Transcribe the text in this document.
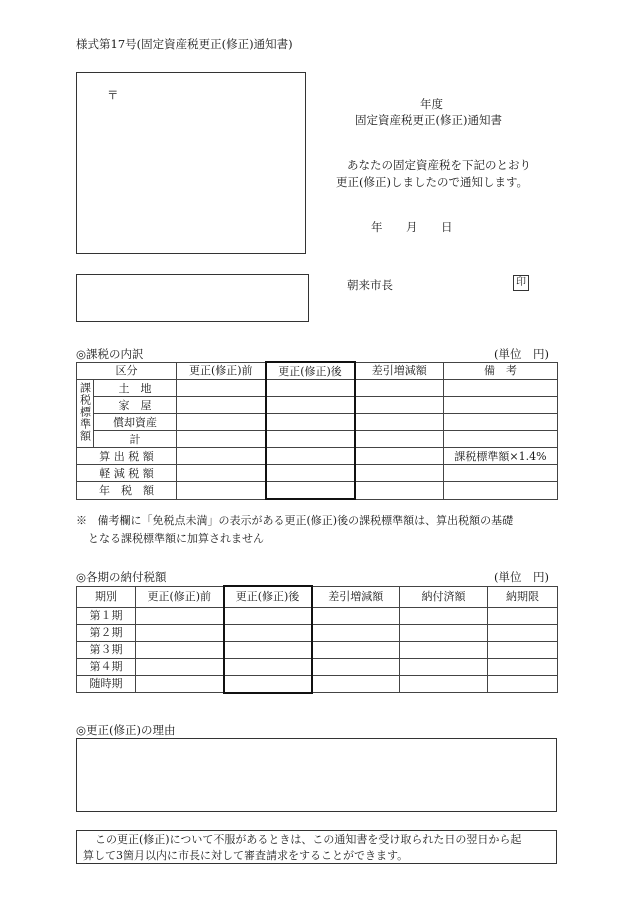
様式第17号(固定資産税更正(修正)通知書)
〒
年度
固定資産税更正(修正)通知書
あなたの固定資産税を下記のとおり
更正(修正)しましたので通知します。
年 月 日
朝来市長	印
◎課税の内訳	(単位　円)
区分		更正(修正)前	更正(修正)後	差引増減額	備　考
課税標準額	土　地				
	家　屋				
	償却資産				
	計				
算 出 税 額					課税標準額×1.4%
軽 減 税 額					
年　税　額					
※ 備考欄に「免税点未満」の表示がある更正(修正)後の課税標準額は、算出税額の基礎
となる課税標準額に加算されません
◎各期の納付税額	(単位　円)
期別	更正(修正)前	更正(修正)後	差引増減額	納付済額	納期限
第１期					
第２期					
第３期					
第４期					
随時期					
◎更正(修正)の理由
この更正(修正)について不服があるときは、この通知書を受け取られた日の翌日から起
算して3箇月以内に市長に対して審査請求をすることができます。
